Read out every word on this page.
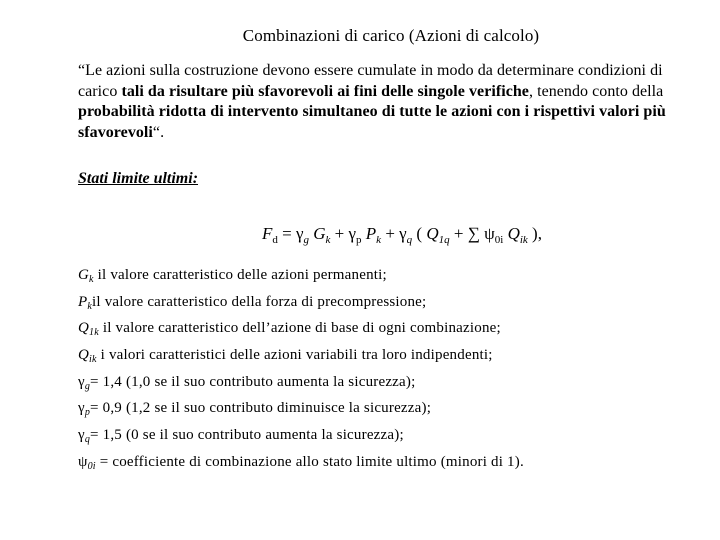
Combinazioni di carico (Azioni di calcolo)
“Le azioni sulla costruzione devono essere cumulate in modo da determinare condizioni di carico tali da risultare più sfavorevoli ai fini delle singole verifiche, tenendo conto della probabilità ridotta di intervento simultaneo di tutte le azioni con i rispettivi valori più sfavorevoli“.
Stati limite ultimi:
$F_d = \gamma_g$ $G_k + \gamma_p$ $P_k + \gamma_q$ ( $Q_{1q}$ + ∑ $\psi_{0i}$ $Q_{ik}$ ),
$G_k$ il valore caratteristico delle azioni permanenti;
$P_kil$ valore caratteristico della forza di precompressione;
$Q_{1k}$ il valore caratteristico dell’azione di base di ogni combinazione;
$Q_{ik}$ i valori caratteristici delle azioni variabili tra loro indipendenti;
$\gamma_g= 1,4$ (1,0 se il suo contributo aumenta la sicurezza);
$\gamma_p= 0,9$ (1,2 se il suo contributo diminuisce la sicurezza);
$\gamma_q= 1,5$ (0 se il suo contributo aumenta la sicurezza);
$\psi_{0i}$ = coefficiente di combinazione allo stato limite ultimo (minori di 1).
